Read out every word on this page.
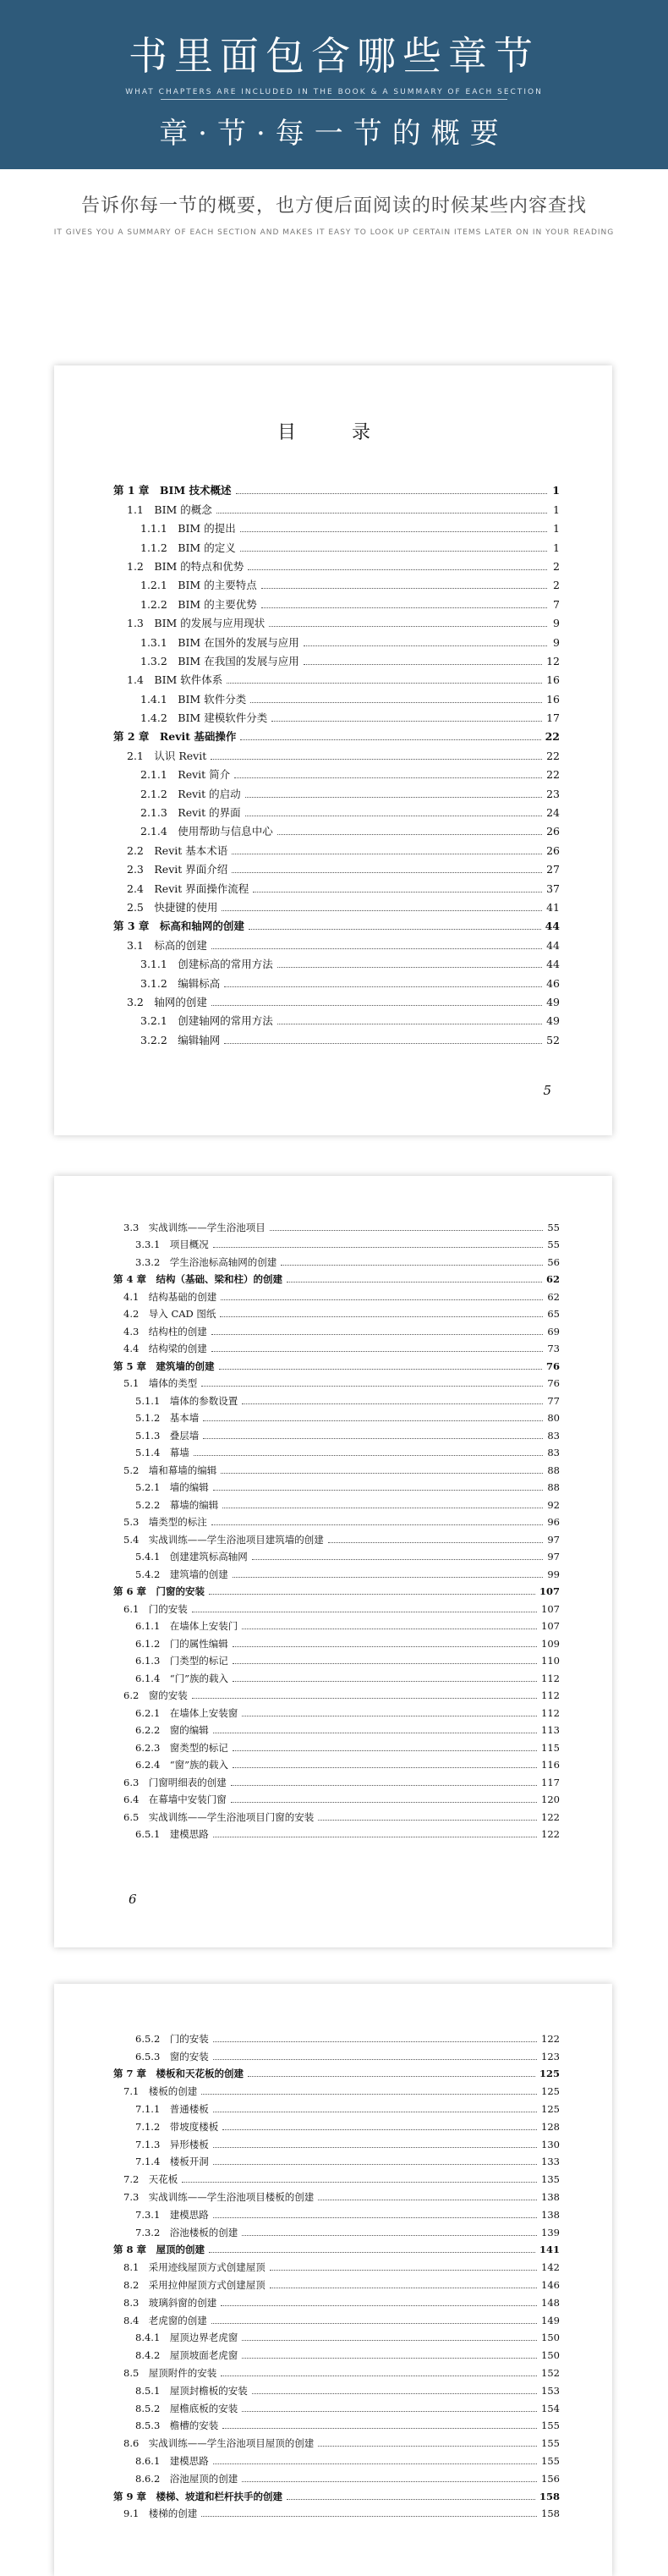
书里面包含哪些章节
WHAT CHAPTERS ARE INCLUDED IN THE BOOK & A SUMMARY OF EACH SECTION
章·节·每一节的概要
告诉你每一节的概要，也方便后面阅读的时候某些内容查找
IT GIVES YOU A SUMMARY OF EACH SECTION AND MAKES IT EASY TO LOOK UP CERTAIN ITEMS LATER ON IN YOUR READING
目　录
第 1 章　BIM 技术概述	1
1.1　BIM 的概念	1
1.1.1　BIM 的提出	1
1.1.2　BIM 的定义	1
1.2　BIM 的特点和优势	2
1.2.1　BIM 的主要特点	2
1.2.2　BIM 的主要优势	7
1.3　BIM 的发展与应用现状	9
1.3.1　BIM 在国外的发展与应用	9
1.3.2　BIM 在我国的发展与应用	12
1.4　BIM 软件体系	16
1.4.1　BIM 软件分类	16
1.4.2　BIM 建模软件分类	17
第 2 章　Revit 基础操作	22
2.1　认识 Revit	22
2.1.1　Revit 简介	22
2.1.2　Revit 的启动	23
2.1.3　Revit 的界面	24
2.1.4　使用帮助与信息中心	26
2.2　Revit 基本术语	26
2.3　Revit 界面介绍	27
2.4　Revit 界面操作流程	37
2.5　快捷键的使用	41
第 3 章　标高和轴网的创建	44
3.1　标高的创建	44
3.1.1　创建标高的常用方法	44
3.1.2　编辑标高	46
3.2　轴网的创建	49
3.2.1　创建轴网的常用方法	49
3.2.2　编辑轴网	52
5
3.3　实战训练——学生浴池项目	55
3.3.1　项目概况	55
3.3.2　学生浴池标高轴网的创建	56
第 4 章　结构（基础、梁和柱）的创建	62
4.1　结构基础的创建	62
4.2　导入 CAD 图纸	65
4.3　结构柱的创建	69
4.4　结构梁的创建	73
第 5 章　建筑墙的创建	76
5.1　墙体的类型	76
5.1.1　墙体的参数设置	77
5.1.2　基本墙	80
5.1.3　叠层墙	83
5.1.4　幕墙	83
5.2　墙和幕墙的编辑	88
5.2.1　墙的编辑	88
5.2.2　幕墙的编辑	92
5.3　墙类型的标注	96
5.4　实战训练——学生浴池项目建筑墙的创建	97
5.4.1　创建建筑标高轴网	97
5.4.2　建筑墙的创建	99
第 6 章　门窗的安装	107
6.1　门的安装	107
6.1.1　在墙体上安装门	107
6.1.2　门的属性编辑	109
6.1.3　门类型的标记	110
6.1.4　“门”族的载入	112
6.2　窗的安装	112
6.2.1　在墙体上安装窗	112
6.2.2　窗的编辑	113
6.2.3　窗类型的标记	115
6.2.4　“窗”族的载入	116
6.3　门窗明细表的创建	117
6.4　在幕墙中安装门窗	120
6.5　实战训练——学生浴池项目门窗的安装	122
6.5.1　建模思路	122
6
6.5.2　门的安装	122
6.5.3　窗的安装	123
第 7 章　楼板和天花板的创建	125
7.1　楼板的创建	125
7.1.1　普通楼板	125
7.1.2　带坡度楼板	128
7.1.3　异形楼板	130
7.1.4　楼板开洞	133
7.2　天花板	135
7.3　实战训练——学生浴池项目楼板的创建	138
7.3.1　建模思路	138
7.3.2　浴池楼板的创建	139
第 8 章　屋顶的创建	141
8.1　采用迹线屋顶方式创建屋顶	142
8.2　采用拉伸屋顶方式创建屋顶	146
8.3　玻璃斜窗的创建	148
8.4　老虎窗的创建	149
8.4.1　屋顶边界老虎窗	150
8.4.2　屋顶坡面老虎窗	150
8.5　屋顶附件的安装	152
8.5.1　屋顶封檐板的安装	153
8.5.2　屋檐底板的安装	154
8.5.3　檐槽的安装	155
8.6　实战训练——学生浴池项目屋顶的创建	155
8.6.1　建模思路	155
8.6.2　浴池屋顶的创建	156
第 9 章　楼梯、坡道和栏杆扶手的创建	158
9.1　楼梯的创建	158
